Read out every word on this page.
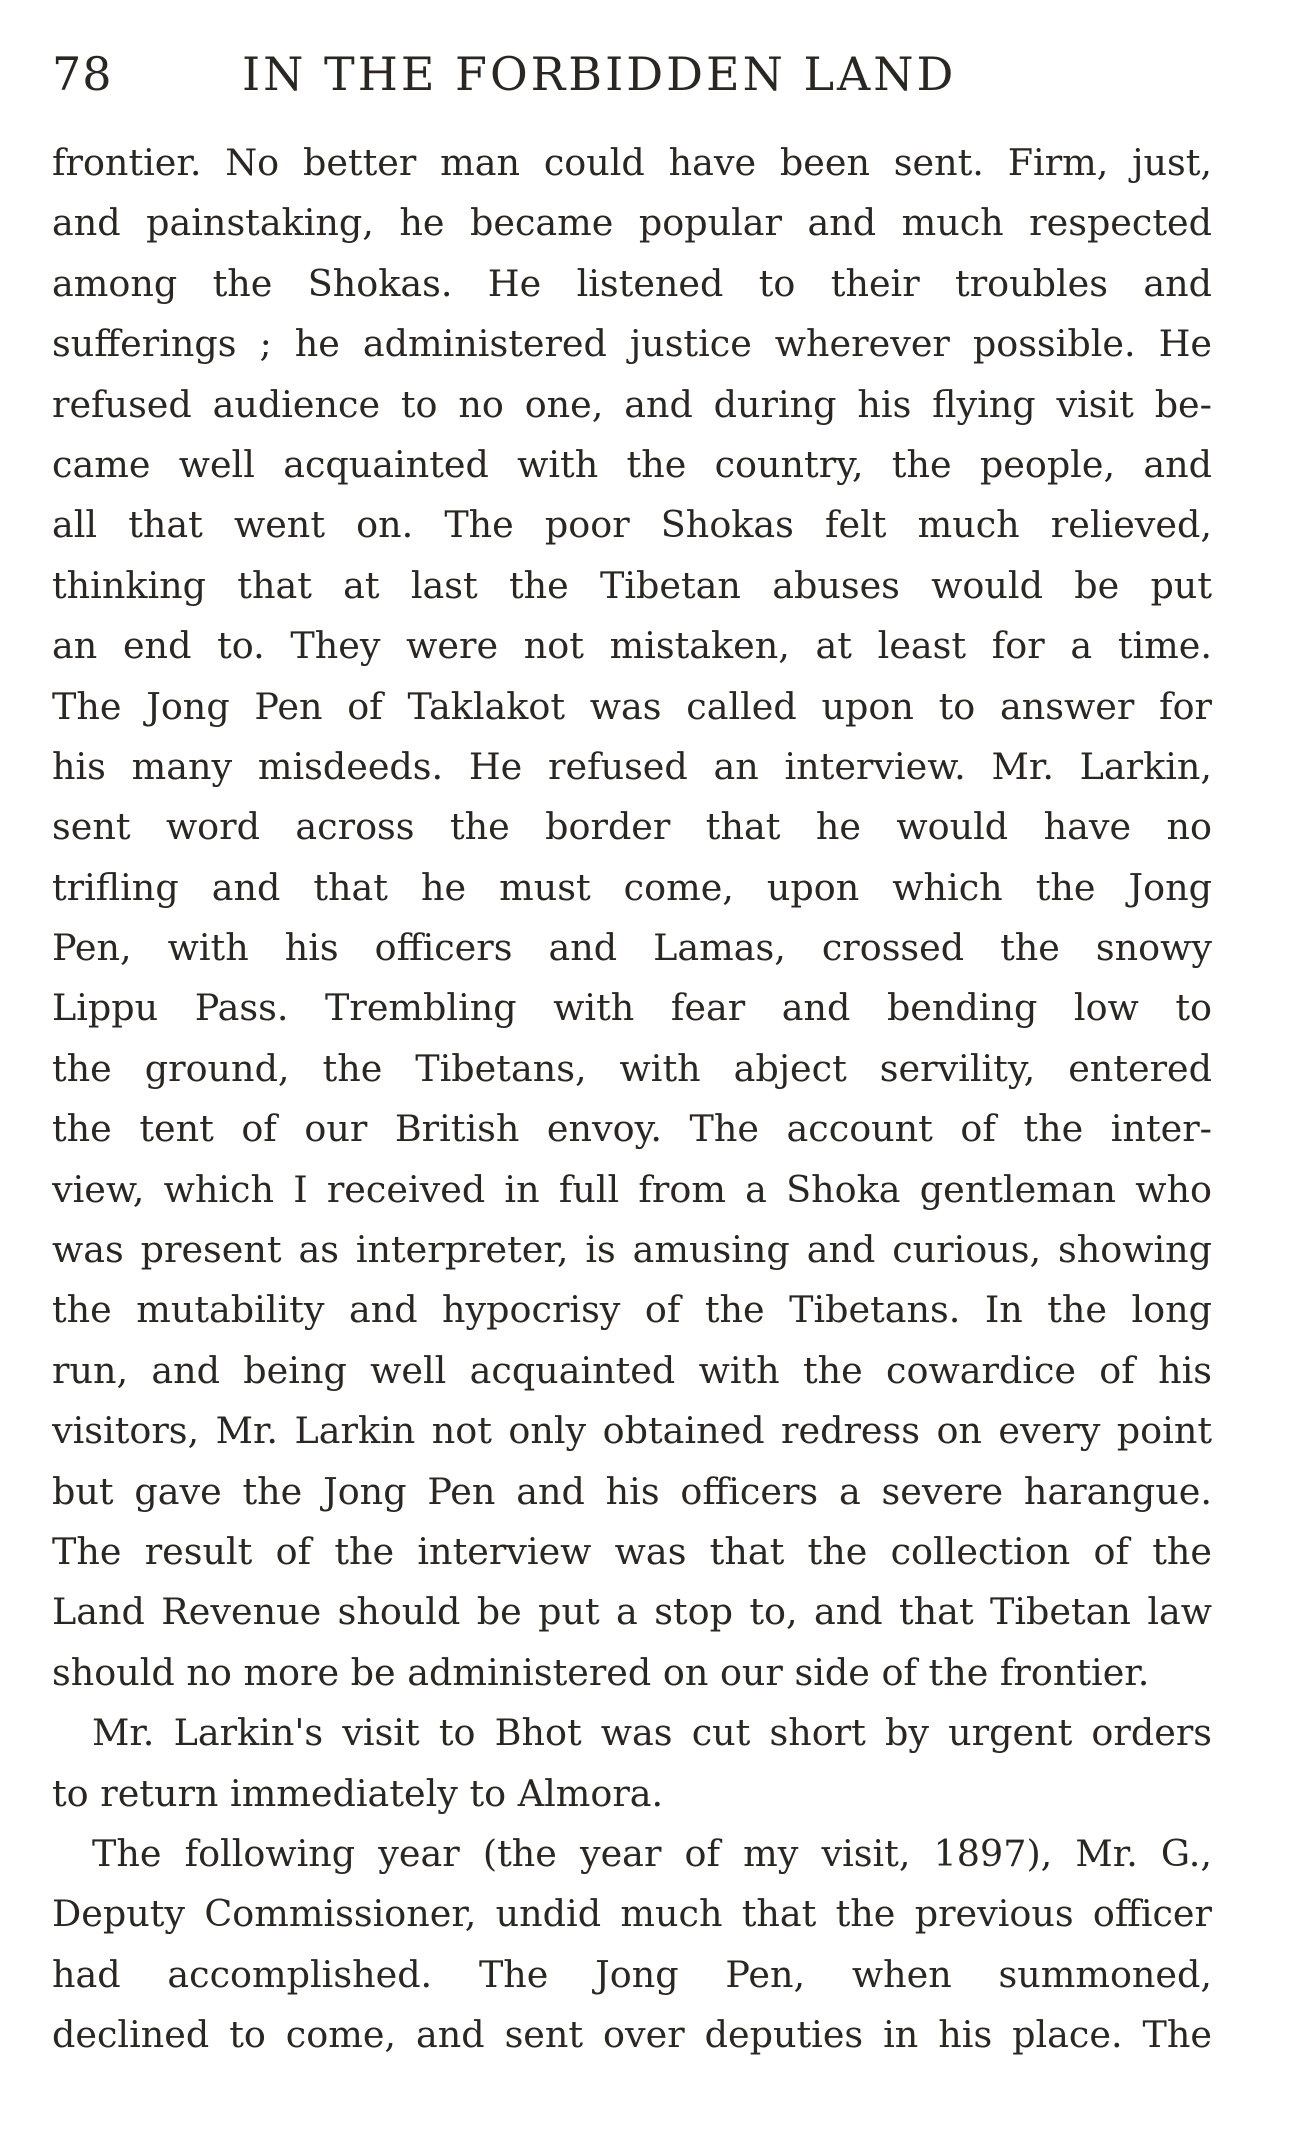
78	IN THE FORBIDDEN LAND
frontier. No better man could have been sent. Firm, just,
and painstaking, he became popular and much respected
among the Shokas. He listened to their troubles and
sufferings ; he administered justice wherever possible. He
refused audience to no one, and during his flying visit be-
came well acquainted with the country, the people, and
all that went on. The poor Shokas felt much relieved,
thinking that at last the Tibetan abuses would be put
an end to. They were not mistaken, at least for a time.
The Jong Pen of Taklakot was called upon to answer for
his many misdeeds. He refused an interview. Mr. Larkin,
sent word across the border that he would have no
trifling and that he must come, upon which the Jong
Pen, with his officers and Lamas, crossed the snowy
Lippu Pass. Trembling with fear and bending low to
the ground, the Tibetans, with abject servility, entered
the tent of our British envoy. The account of the inter-
view, which I received in full from a Shoka gentleman who
was present as interpreter, is amusing and curious, showing
the mutability and hypocrisy of the Tibetans. In the long
run, and being well acquainted with the cowardice of his
visitors, Mr. Larkin not only obtained redress on every point
but gave the Jong Pen and his officers a severe harangue.
The result of the interview was that the collection of the
Land Revenue should be put a stop to, and that Tibetan law
should no more be administered on our side of the frontier.
Mr. Larkin's visit to Bhot was cut short by urgent orders
to return immediately to Almora.
The following year (the year of my visit, 1897), Mr. G.,
Deputy Commissioner, undid much that the previous officer
had accomplished. The Jong Pen, when summoned,
declined to come, and sent over deputies in his place. The
